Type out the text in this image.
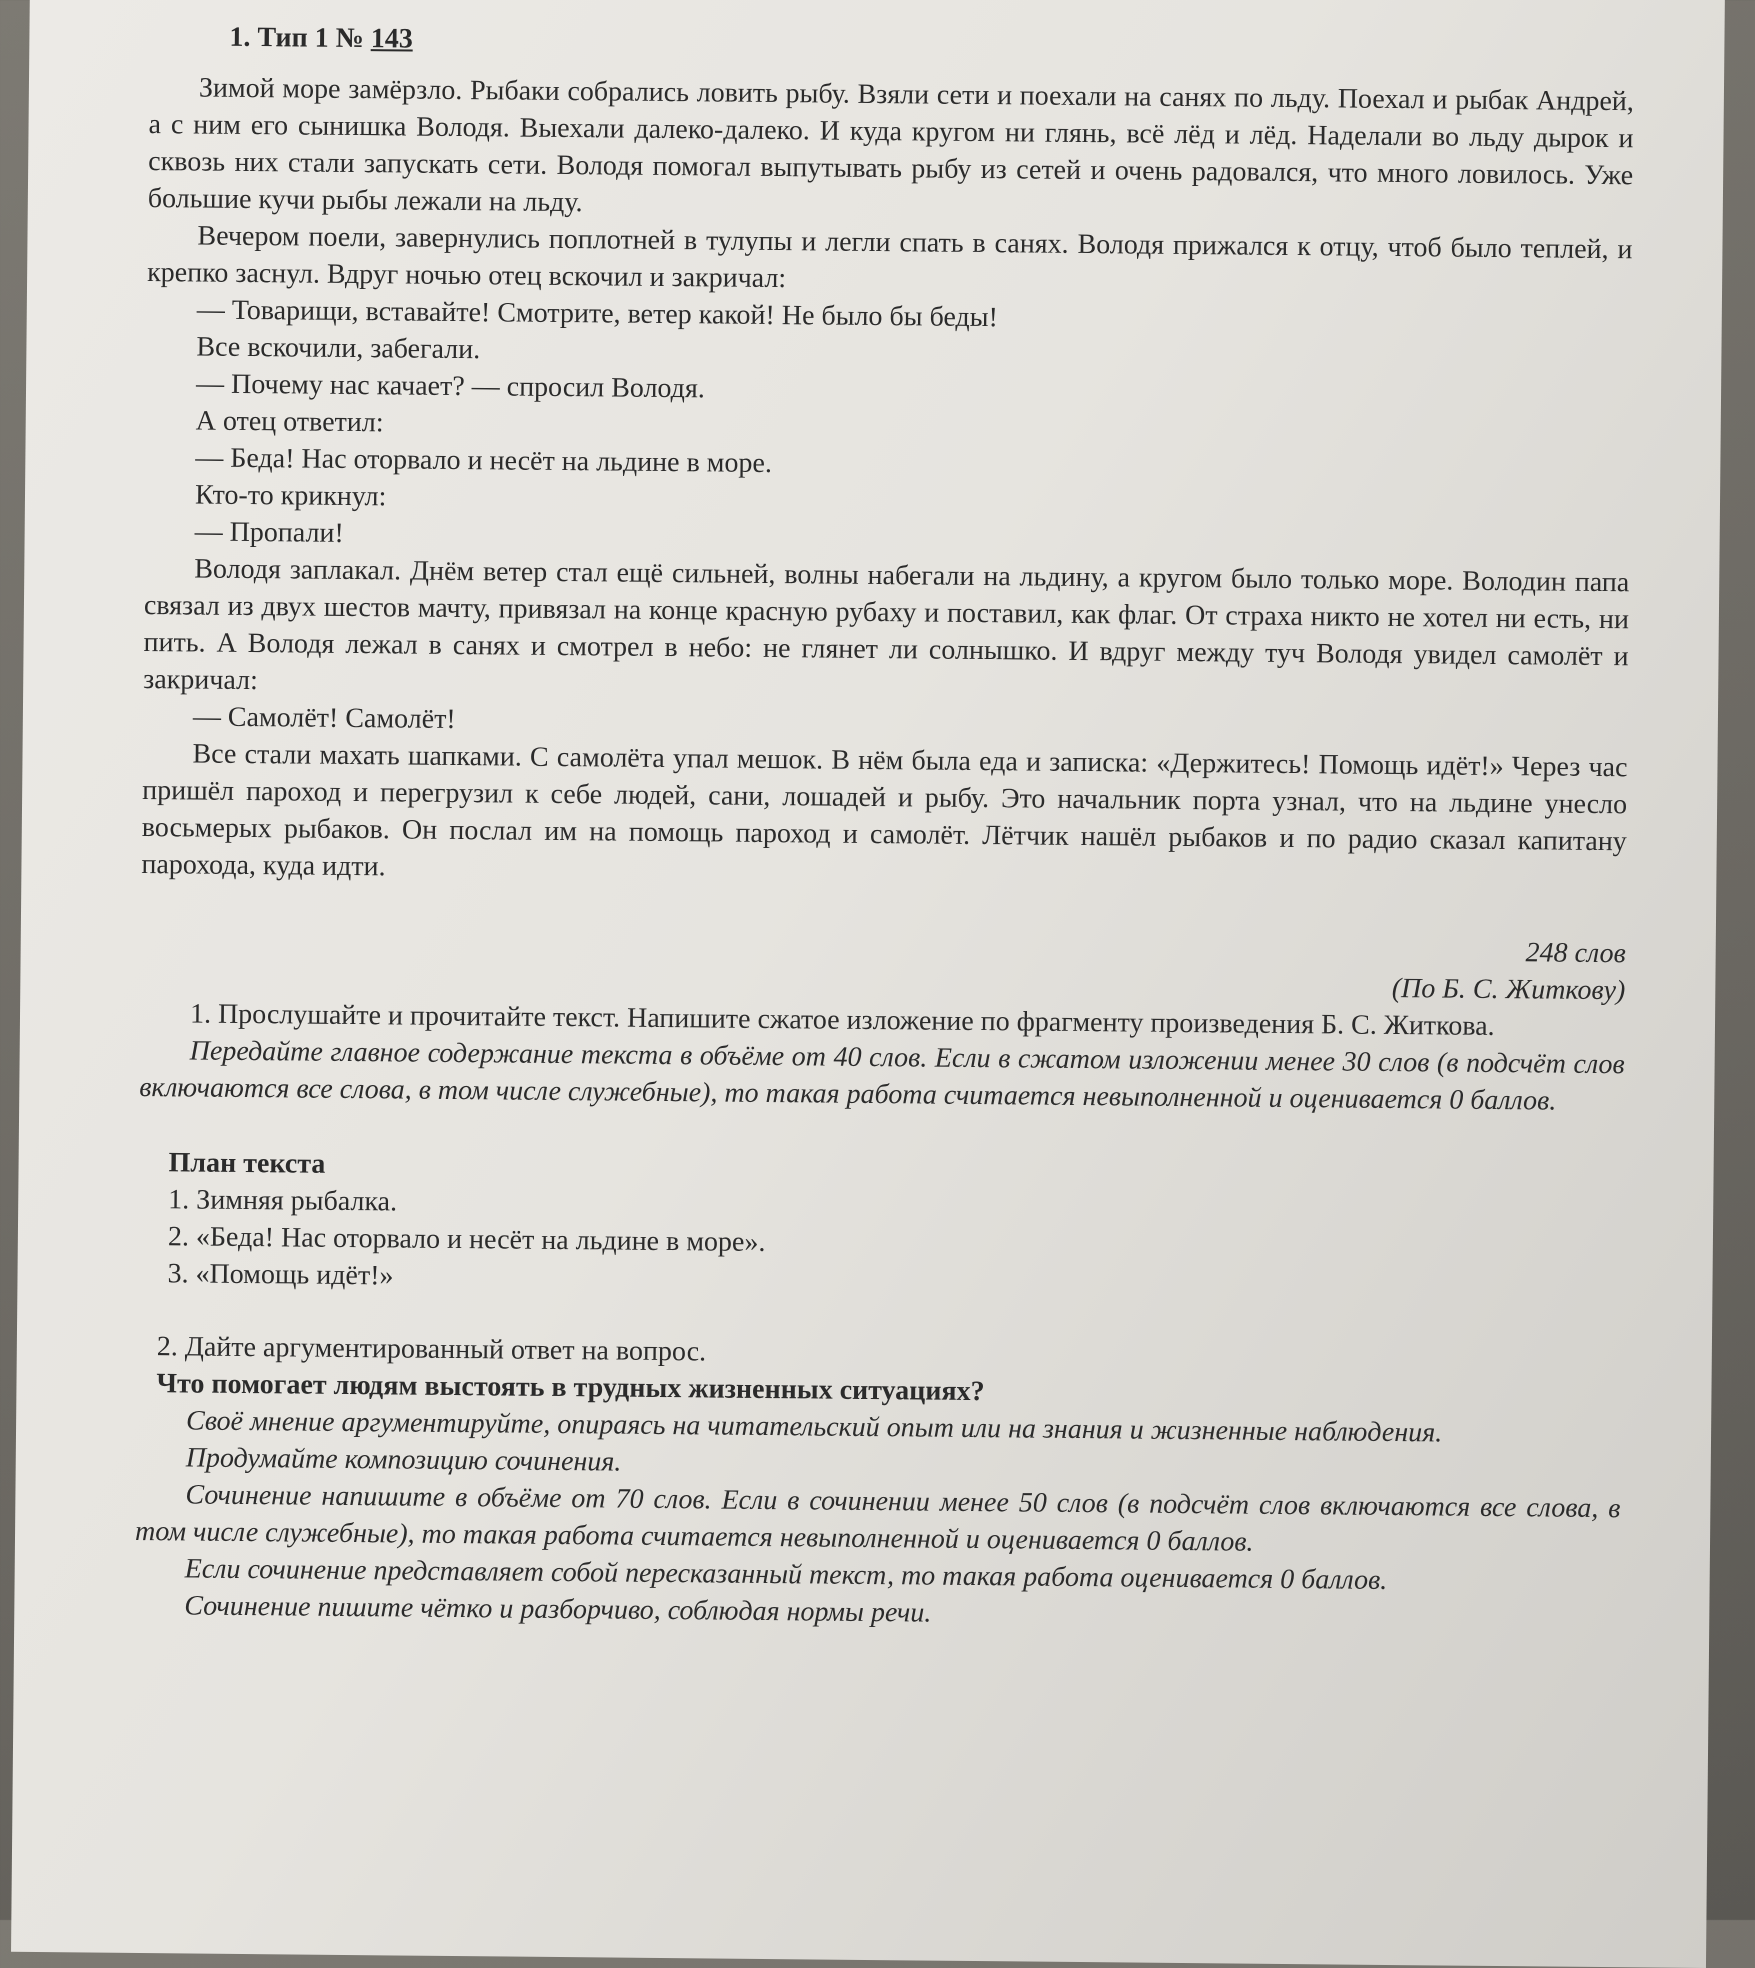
1. Тип 1 № 143

Зимой море замёрзло. Рыбаки собрались ловить рыбу. Взяли сети и поехали на санях по льду. Поехал и рыбак Андрей, а с ним его сынишка Володя. Выехали далеко-далеко. И куда кругом ни глянь, всё лёд и лёд. Наделали во льду дырок и сквозь них стали запускать сети. Володя помогал выпутывать рыбу из сетей и очень радовался, что много ловилось. Уже большие кучи рыбы лежали на льду.

Вечером поели, завернулись поплотней в тулупы и легли спать в санях. Володя прижался к отцу, чтоб было теплей, и крепко заснул. Вдруг ночью отец вскочил и закричал:

— Товарищи, вставайте! Смотрите, ветер какой! Не было бы беды!

Все вскочили, забегали.

— Почему нас качает? — спросил Володя.

А отец ответил:

— Беда! Нас оторвало и несёт на льдине в море.

Кто-то крикнул:

— Пропали!

Володя заплакал. Днём ветер стал ещё сильней, волны набегали на льдину, а кругом было только море. Володин папа связал из двух шестов мачту, привязал на конце красную рубаху и поставил, как флаг. От страха никто не хотел ни есть, ни пить. А Володя лежал в санях и смотрел в небо: не глянет ли солнышко. И вдруг между туч Володя увидел самолёт и закричал:

— Самолёт! Самолёт!

Все стали махать шапками. С самолёта упал мешок. В нём была еда и записка: «Держитесь! Помощь идёт!» Через час пришёл пароход и перегрузил к себе людей, сани, лошадей и рыбу. Это начальник порта узнал, что на льдине унесло восьмерых рыбаков. Он послал им на помощь пароход и самолёт. Лётчик нашёл рыбаков и по радио сказал капитану парохода, куда идти.

248 слов

(По Б. С. Житкову)

1. Прослушайте и прочитайте текст. Напишите сжатое изложение по фрагменту произведения Б. С. Житкова.

Передайте главное содержание текста в объёме от 40 слов. Если в сжатом изложении менее 30 слов (в подсчёт слов включаются все слова, в том числе служебные), то такая работа считается невыполненной и оценивается 0 баллов.

План текста
1. Зимняя рыбалка.
2. «Беда! Нас оторвало и несёт на льдине в море».
3. «Помощь идёт!»

2. Дайте аргументированный ответ на вопрос.

Что помогает людям выстоять в трудных жизненных ситуациях?

Своё мнение аргументируйте, опираясь на читательский опыт или на знания и жизненные наблюдения.

Продумайте композицию сочинения.

Сочинение напишите в объёме от 70 слов. Если в сочинении менее 50 слов (в подсчёт слов включаются все слова, в том числе служебные), то такая работа считается невыполненной и оценивается 0 баллов.

Если сочинение представляет собой пересказанный текст, то такая работа оценивается 0 баллов.

Сочинение пишите чётко и разборчиво, соблюдая нормы речи.
